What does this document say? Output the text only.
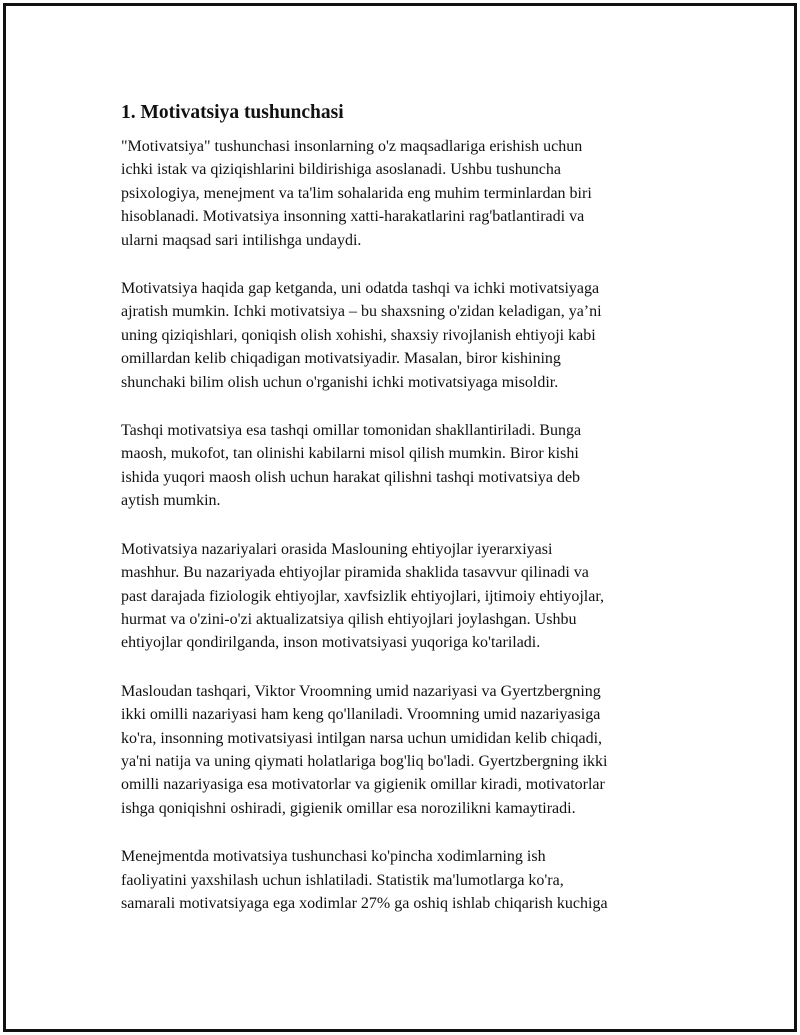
1. Motivatsiya tushunchasi

"Motivatsiya" tushunchasi insonlarning o'z maqsadlariga erishish uchun
ichki istak va qiziqishlarini bildirishiga asoslanadi. Ushbu tushuncha
psixologiya, menejment va ta'lim sohalarida eng muhim terminlardan biri
hisoblanadi. Motivatsiya insonning xatti-harakatlarini rag'batlantiradi va
ularni maqsad sari intilishga undaydi.

Motivatsiya haqida gap ketganda, uni odatda tashqi va ichki motivatsiyaga
ajratish mumkin. Ichki motivatsiya – bu shaxsning o'zidan keladigan, ya’ni
uning qiziqishlari, qoniqish olish xohishi, shaxsiy rivojlanish ehtiyoji kabi
omillardan kelib chiqadigan motivatsiyadir. Masalan, biror kishining
shunchaki bilim olish uchun o'rganishi ichki motivatsiyaga misoldir.

Tashqi motivatsiya esa tashqi omillar tomonidan shakllantiriladi. Bunga
maosh, mukofot, tan olinishi kabilarni misol qilish mumkin. Biror kishi
ishida yuqori maosh olish uchun harakat qilishni tashqi motivatsiya deb
aytish mumkin.

Motivatsiya nazariyalari orasida Maslouning ehtiyojlar iyerarxiyasi
mashhur. Bu nazariyada ehtiyojlar piramida shaklida tasavvur qilinadi va
past darajada fiziologik ehtiyojlar, xavfsizlik ehtiyojlari, ijtimoiy ehtiyojlar,
hurmat va o'zini-o'zi aktualizatsiya qilish ehtiyojlari joylashgan. Ushbu
ehtiyojlar qondirilganda, inson motivatsiyasi yuqoriga ko'tariladi.

Masloudan tashqari, Viktor Vroomning umid nazariyasi va Gyertzbergning
ikki omilli nazariyasi ham keng qo'llaniladi. Vroomning umid nazariyasiga
ko'ra, insonning motivatsiyasi intilgan narsa uchun umididan kelib chiqadi,
ya'ni natija va uning qiymati holatlariga bog'liq bo'ladi. Gyertzbergning ikki
omilli nazariyasiga esa motivatorlar va gigienik omillar kiradi, motivatorlar
ishga qoniqishni oshiradi, gigienik omillar esa norozilikni kamaytiradi.

Menejmentda motivatsiya tushunchasi ko'pincha xodimlarning ish
faoliyatini yaxshilash uchun ishlatiladi. Statistik ma'lumotlarga ko'ra,
samarali motivatsiyaga ega xodimlar 27% ga oshiq ishlab chiqarish kuchiga
